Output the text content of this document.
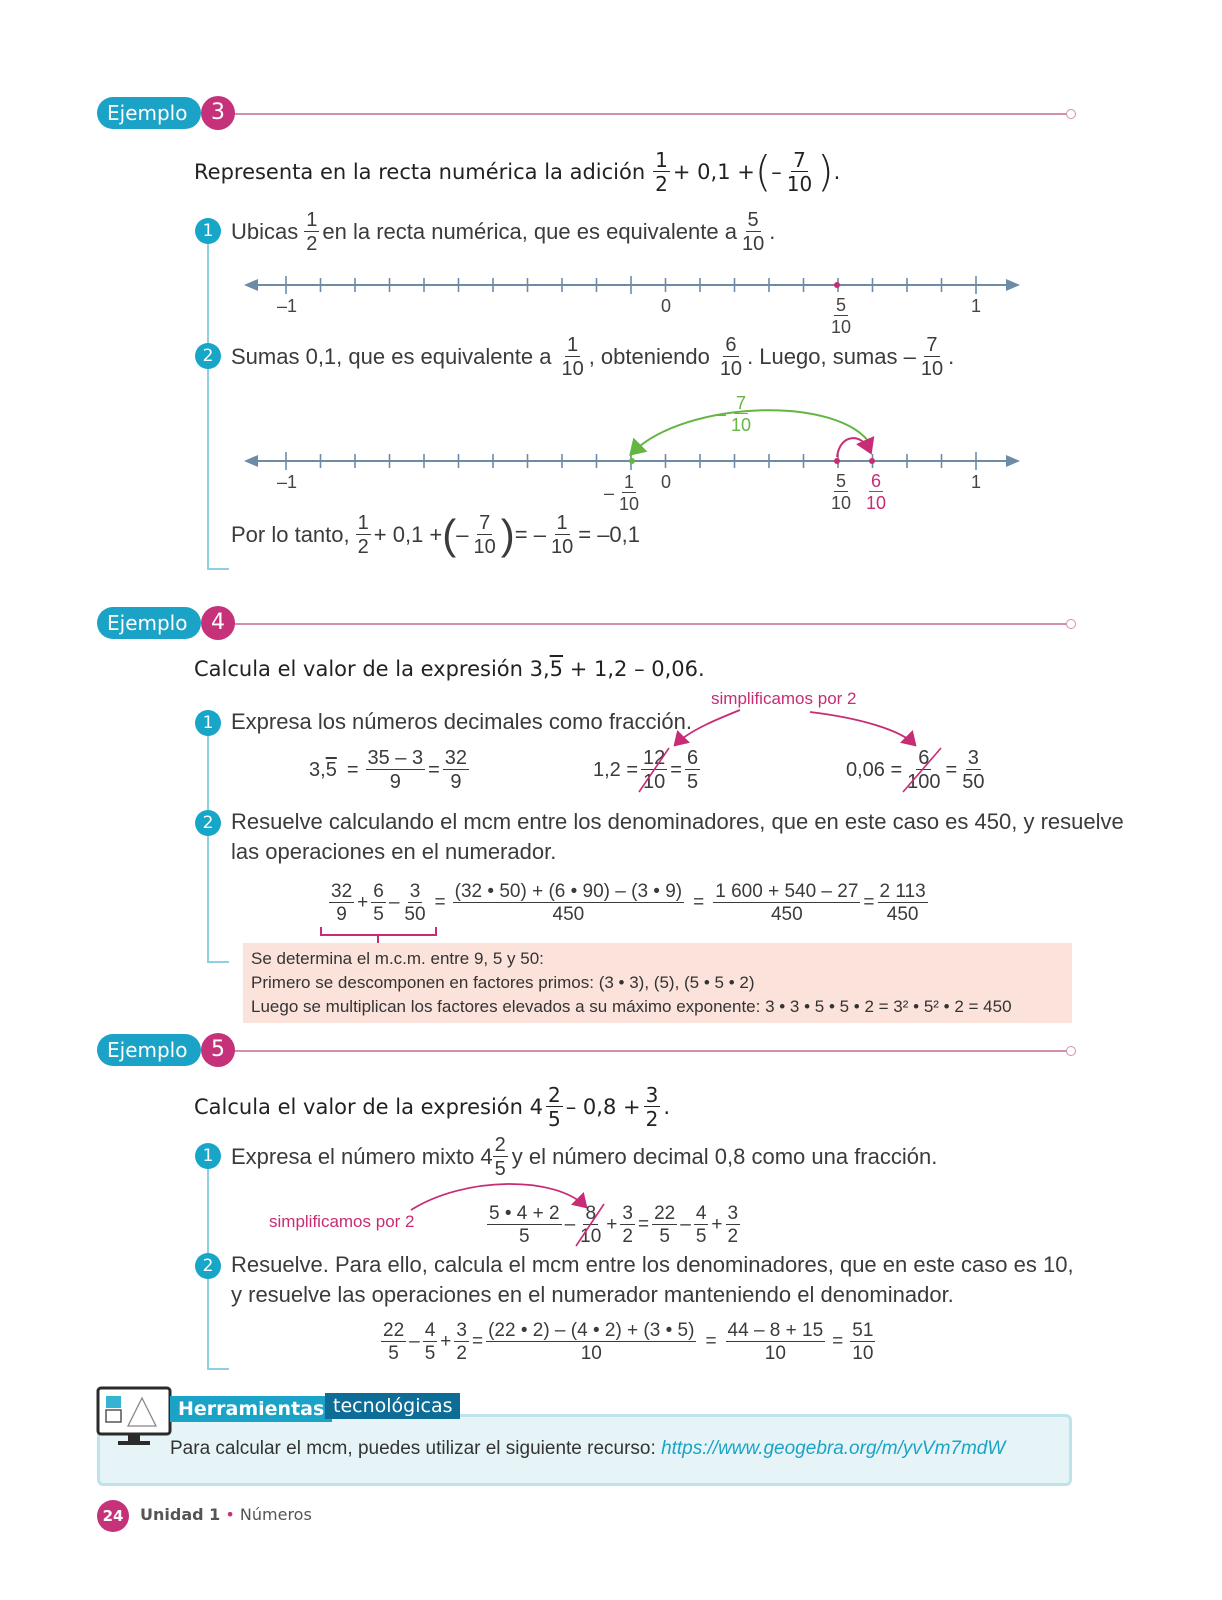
Ejemplo	3
Representa en la recta numérica la adición 1
2 + 0,1 + ( – 7
10 ) .
1 Ubicas 1
2 en la recta numérica, que es equivalente a 5
10 .
–1	0	1
5
10
2 Sumas 0,1, que es equivalente a 1
10 , obteniendo 6
10 . Luego, sumas – 7
10 .
–
7
10
–1	0	1
–
1
10
5
10
6
10
Por lo tanto, 1
2 + 0,1 + ( – 7
10 ) = – $\frac{1}{10} = -0,1$
Ejemplo	4
Calcula el valor de la expresión 3,5 + 1,2 – 0,06.
simplificamos por 2
1 Expresa los números decimales como fracción.
3, $5 = \frac{35 - 3}{9} = \frac{32}{9}$	$1,2 = \frac{12}{10} = \frac{6}{5}$	$0,06 = \frac{6}{100} = \frac{3}{50}$
2 Resuelve calculando el mcm entre los denominadores, que en este caso es 450, y resuelve
las operaciones en el numerador.
32
9
+ $\frac{6}{5} - \frac{3}{50} = \frac{(32 • 50) + (6 • 90) - (3 • 9)}{450} = \frac{1 600 + 540 - 27}{450} = \frac{2 113}{450}$
Se determina el m.c.m. entre 9, 5 y 50:
Primero se descomponen en factores primos: (3 • 3), (5), (5 • 5 • 2)
Luego se multiplican los factores elevados a su máximo exponente: 3 • 3 • 5 • 5 • 2 = 3² • 5² • 2 = 450
Ejemplo	5
Calcula el valor de la expresión 4 2
$5 - 0,8 + \frac{3}{2}$ .
1 Expresa el número mixto 4 2
5 y el número decimal 0,8 como una fracción.
simplificamos por 2	5 • 4 + 2
5
–
8
10
+ $\frac{3}{2} = \frac{22}{5}$ –
4
5
+ $\frac{3}{2}$
2 Resuelve. Para ello, calcula el mcm entre los denominadores, que en este caso es 10,
y resuelve las operaciones en el numerador manteniendo el denominador.
22
5
–
4
5
+ $\frac{3}{2} = \frac{(22 • 2) - (4 • 2) + (3 • 5)}{10} = \frac{44 - 8 + 15}{10} = \frac{51}{10}$
Herramientas tecnológicas
Para calcular el mcm, puedes utilizar el siguiente recurso: https://www.geogebra.org/m/yvVm7mdW
24	Unidad 1 • Números
